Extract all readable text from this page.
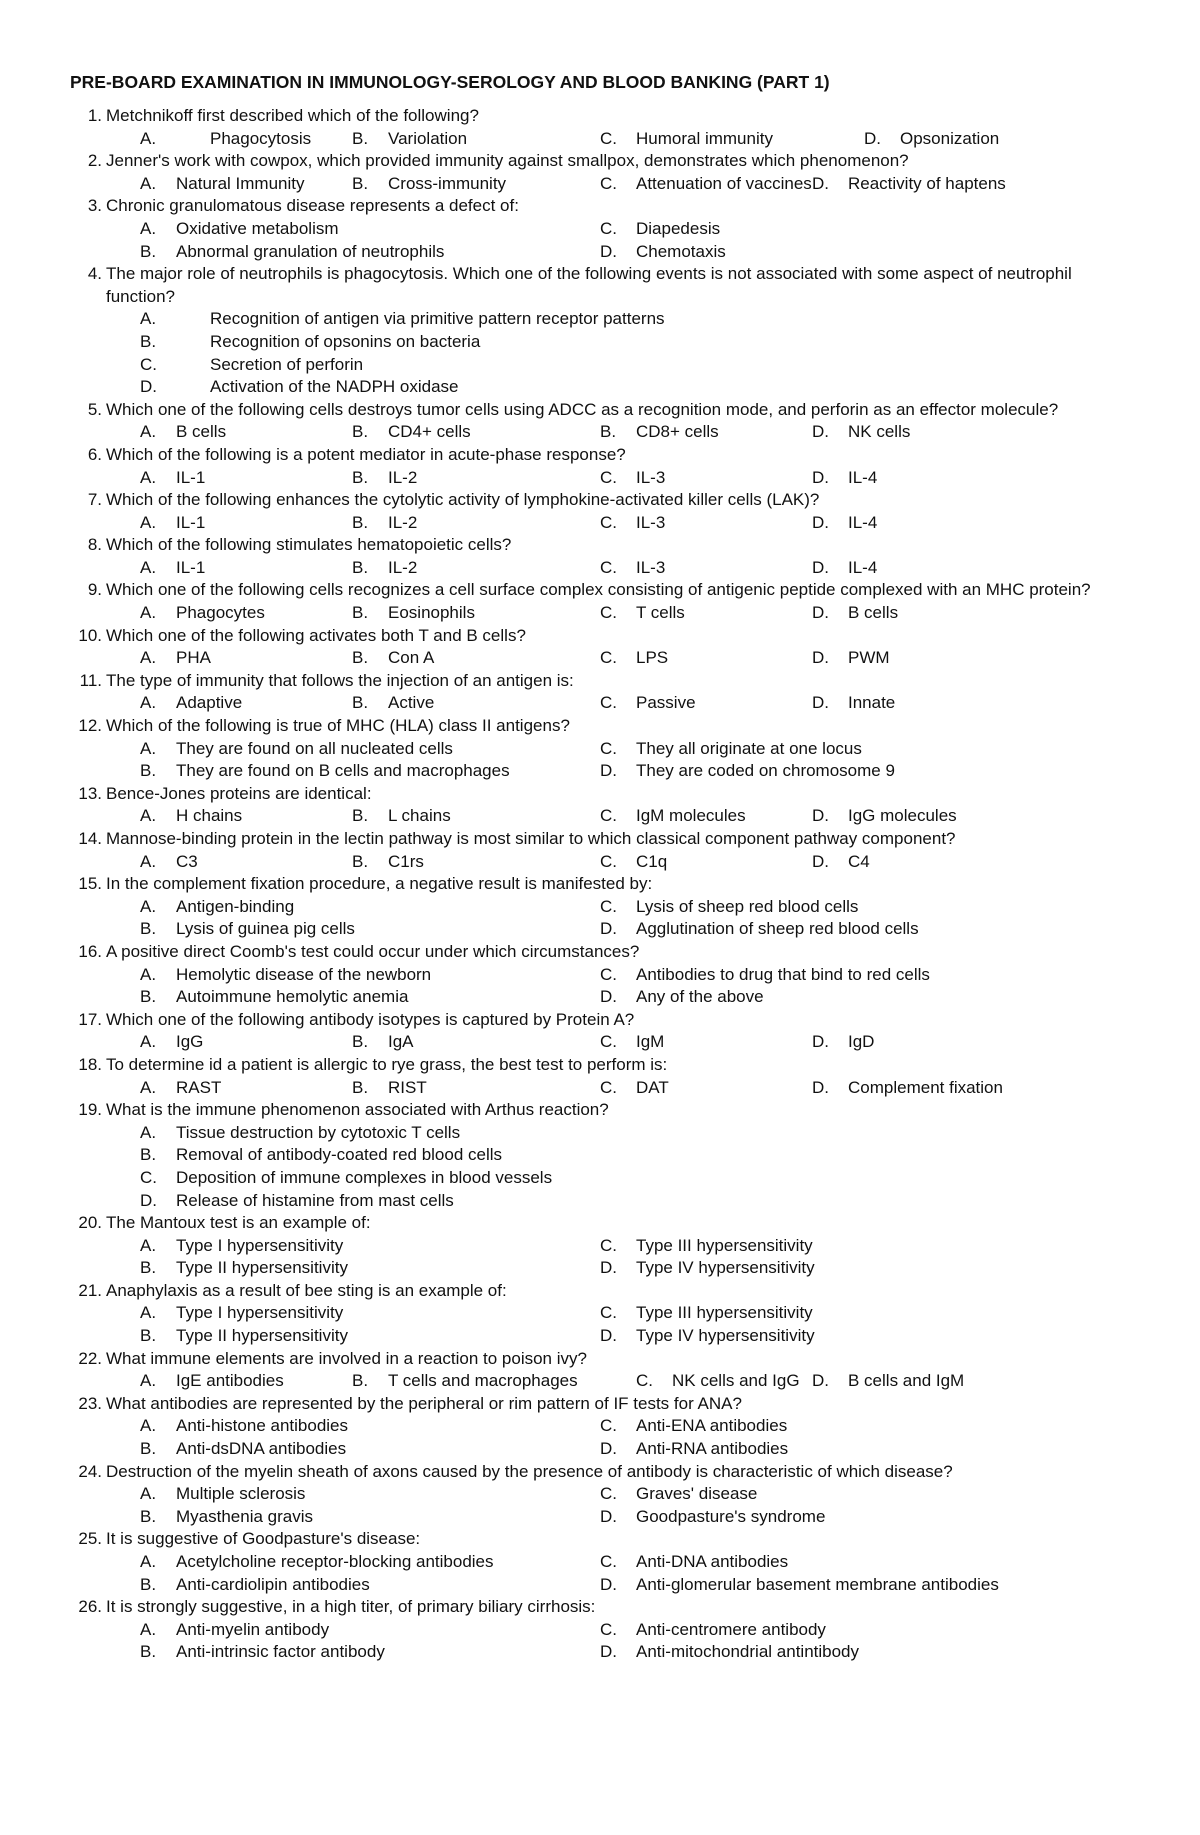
PRE-BOARD EXAMINATION IN IMMUNOLOGY-SEROLOGY AND BLOOD BANKING (PART 1)
1. Metchnikoff first described which of the following?
A.	Phagocytosis B. Variolation	C. Humoral immunity	D. Opsonization
2. Jenner's work with cowpox, which provided immunity against smallpox, demonstrates which phenomenon?
A. Natural Immunity	B. Cross-immunity	C. Attenuation of vaccines D. Reactivity of haptens
3. Chronic granulomatous disease represents a defect of:
A. Oxidative metabolism	C. Diapedesis
B. Abnormal granulation of neutrophils	D. Chemotaxis
4. The major role of neutrophils is phagocytosis. Which one of the following events is not associated with some aspect of neutrophil function?
A.	Recognition of antigen via primitive pattern receptor patterns
B.	Recognition of opsonins on bacteria
C.	Secretion of perforin
D.	Activation of the NADPH oxidase
5. Which one of the following cells destroys tumor cells using ADCC as a recognition mode, and perforin as an effector molecule?
A. B cells	B. CD4+ cells	B. CD8+ cells	D. NK cells
6. Which of the following is a potent mediator in acute-phase response?
A. IL-1	B. IL-2	C. IL-3	D. IL-4
7. Which of the following enhances the cytolytic activity of lymphokine-activated killer cells (LAK)?
A. IL-1	B. IL-2	C. IL-3	D. IL-4
8. Which of the following stimulates hematopoietic cells?
A. IL-1	B. IL-2	C. IL-3	D. IL-4
9. Which one of the following cells recognizes a cell surface complex consisting of antigenic peptide complexed with an MHC protein?
A. Phagocytes	B. Eosinophils	C. T cells	D. B cells
10. Which one of the following activates both T and B cells?
A. PHA	B. Con A	C. LPS	D. PWM
11. The type of immunity that follows the injection of an antigen is:
A. Adaptive	B. Active	C. Passive	D. Innate
12. Which of the following is true of MHC (HLA) class II antigens?
A. They are found on all nucleated cells	C. They all originate at one locus
B. They are found on B cells and macrophages	D. They are coded on chromosome 9
13. Bence-Jones proteins are identical:
A. H chains	B. L chains	C. IgM molecules	D. IgG molecules
14. Mannose-binding protein in the lectin pathway is most similar to which classical component pathway component?
A. C3	B. C1rs	C. C1q	D. C4
15. In the complement fixation procedure, a negative result is manifested by:
A. Antigen-binding	C. Lysis of sheep red blood cells
B. Lysis of guinea pig cells	D. Agglutination of sheep red blood cells
16. A positive direct Coomb's test could occur under which circumstances?
A. Hemolytic disease of the newborn	C. Antibodies to drug that bind to red cells
B. Autoimmune hemolytic anemia	D. Any of the above
17. Which one of the following antibody isotypes is captured by Protein A?
A. IgG	B. IgA	C. IgM	D. IgD
18. To determine id a patient is allergic to rye grass, the best test to perform is:
A. RAST	B. RIST	C. DAT	D. Complement fixation
19. What is the immune phenomenon associated with Arthus reaction?
A. Tissue destruction by cytotoxic T cells
B. Removal of antibody-coated red blood cells
C. Deposition of immune complexes in blood vessels
D. Release of histamine from mast cells
20. The Mantoux test is an example of:
A. Type I hypersensitivity	C. Type III hypersensitivity
B. Type II hypersensitivity	D. Type IV hypersensitivity
21. Anaphylaxis as a result of bee sting is an example of:
A. Type I hypersensitivity	C. Type III hypersensitivity
B. Type II hypersensitivity	D. Type IV hypersensitivity
22. What immune elements are involved in a reaction to poison ivy?
A. IgE antibodies	B. T cells and macrophages	C. NK cells and IgG D. B cells and IgM
23. What antibodies are represented by the peripheral or rim pattern of IF tests for ANA?
A. Anti-histone antibodies	C. Anti-ENA antibodies
B. Anti-dsDNA antibodies	D. Anti-RNA antibodies
24. Destruction of the myelin sheath of axons caused by the presence of antibody is characteristic of which disease?
A. Multiple sclerosis	C. Graves' disease
B. Myasthenia gravis	D. Goodpasture's syndrome
25. It is suggestive of Goodpasture's disease:
A. Acetylcholine receptor-blocking antibodies	C. Anti-DNA antibodies
B. Anti-cardiolipin antibodies	D. Anti-glomerular basement membrane antibodies
26. It is strongly suggestive, in a high titer, of primary biliary cirrhosis:
A. Anti-myelin antibody	C. Anti-centromere antibody
B. Anti-intrinsic factor antibody	D. Anti-mitochondrial antintibody
